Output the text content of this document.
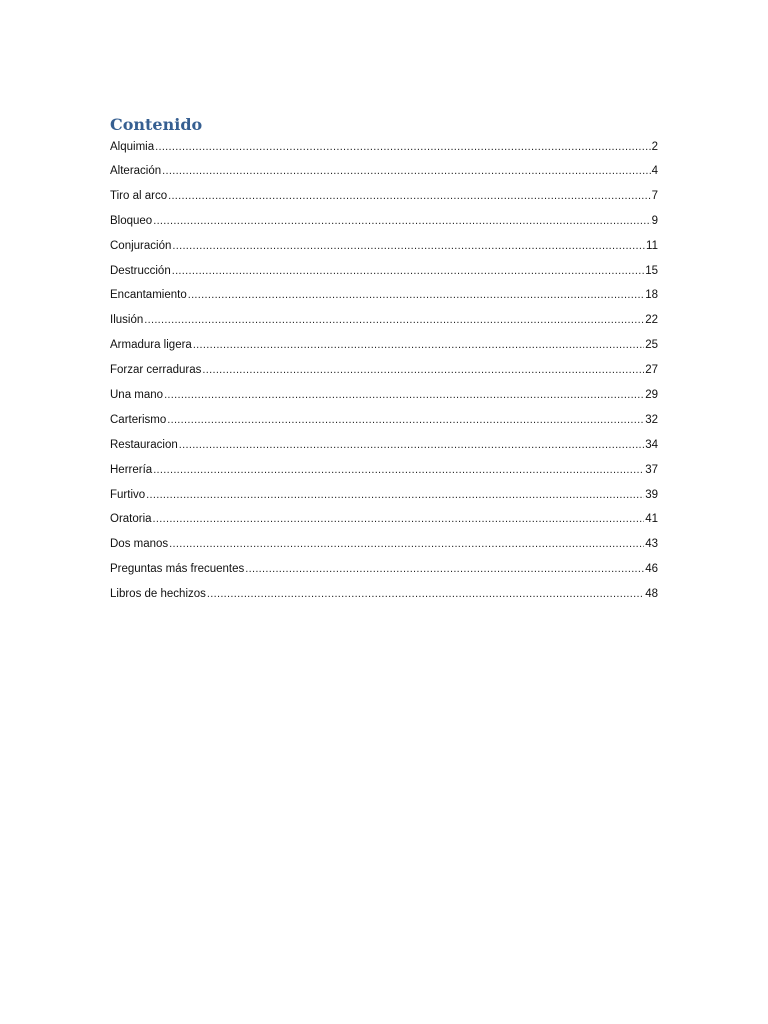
Contenido
Alquimia .....	2
Alteración .....	4
Tiro al arco .....	7
Bloqueo .....	9
Conjuración .....	11
Destrucción .....	15
Encantamiento .....	18
Ilusión .....	22
Armadura ligera .....	25
Forzar cerraduras .....	27
Una mano .....	29
Carterismo .....	32
Restauracion .....	34
Herrería .....	37
Furtivo .....	39
Oratoria .....	41
Dos manos .....	43
Preguntas más frecuentes .....	46
Libros de hechizos .....	48
